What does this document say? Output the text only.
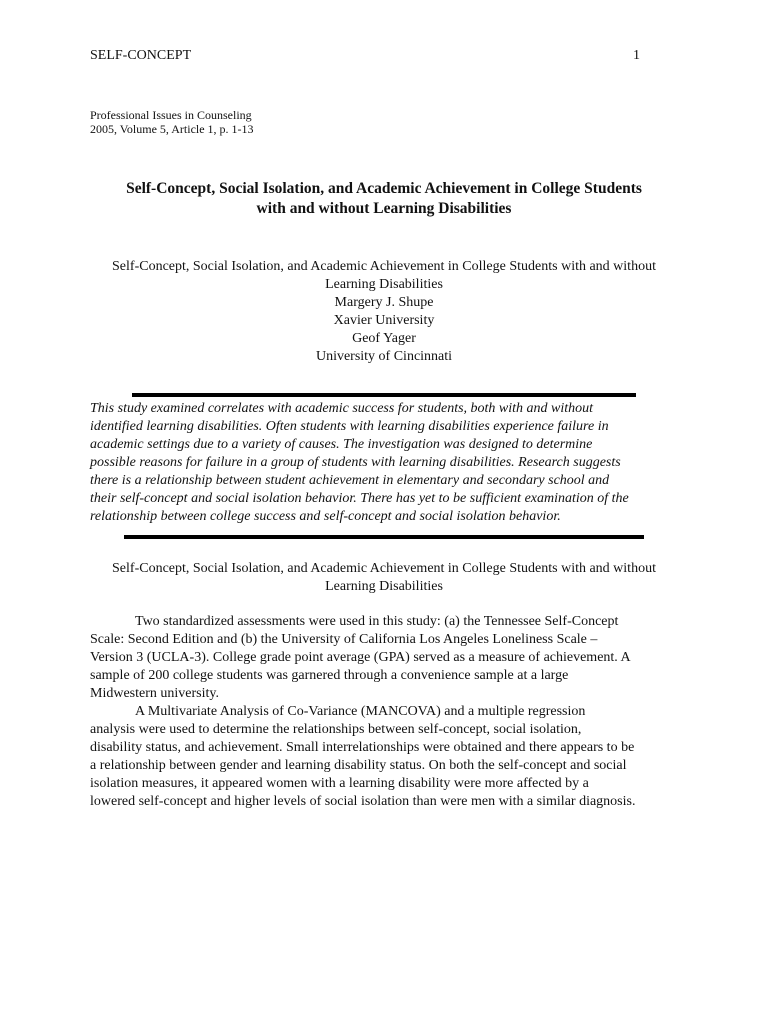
SELF-CONCEPT	1
Professional Issues in Counseling
2005, Volume 5, Article 1, p. 1-13
Self-Concept, Social Isolation, and Academic Achievement in College Students
with and without Learning Disabilities
Self-Concept, Social Isolation, and Academic Achievement in College Students with and without
Learning Disabilities
Margery J. Shupe
Xavier University
Geof Yager
University of Cincinnati
This study examined correlates with academic success for students, both with and without
identified learning disabilities. Often students with learning disabilities experience failure in
academic settings due to a variety of causes. The investigation was designed to determine
possible reasons for failure in a group of students with learning disabilities. Research suggests
there is a relationship between student achievement in elementary and secondary school and
their self-concept and social isolation behavior. There has yet to be sufficient examination of the
relationship between college success and self-concept and social isolation behavior.
Self-Concept, Social Isolation, and Academic Achievement in College Students with and without
Learning Disabilities
Two standardized assessments were used in this study: (a) the Tennessee Self-Concept
Scale: Second Edition and (b) the University of California Los Angeles Loneliness Scale –
Version 3 (UCLA-3). College grade point average (GPA) served as a measure of achievement. A
sample of 200 college students was garnered through a convenience sample at a large
Midwestern university.
A Multivariate Analysis of Co-Variance (MANCOVA) and a multiple regression
analysis were used to determine the relationships between self-concept, social isolation,
disability status, and achievement. Small interrelationships were obtained and there appears to be
a relationship between gender and learning disability status. On both the self-concept and social
isolation measures, it appeared women with a learning disability were more affected by a
lowered self-concept and higher levels of social isolation than were men with a similar diagnosis.
